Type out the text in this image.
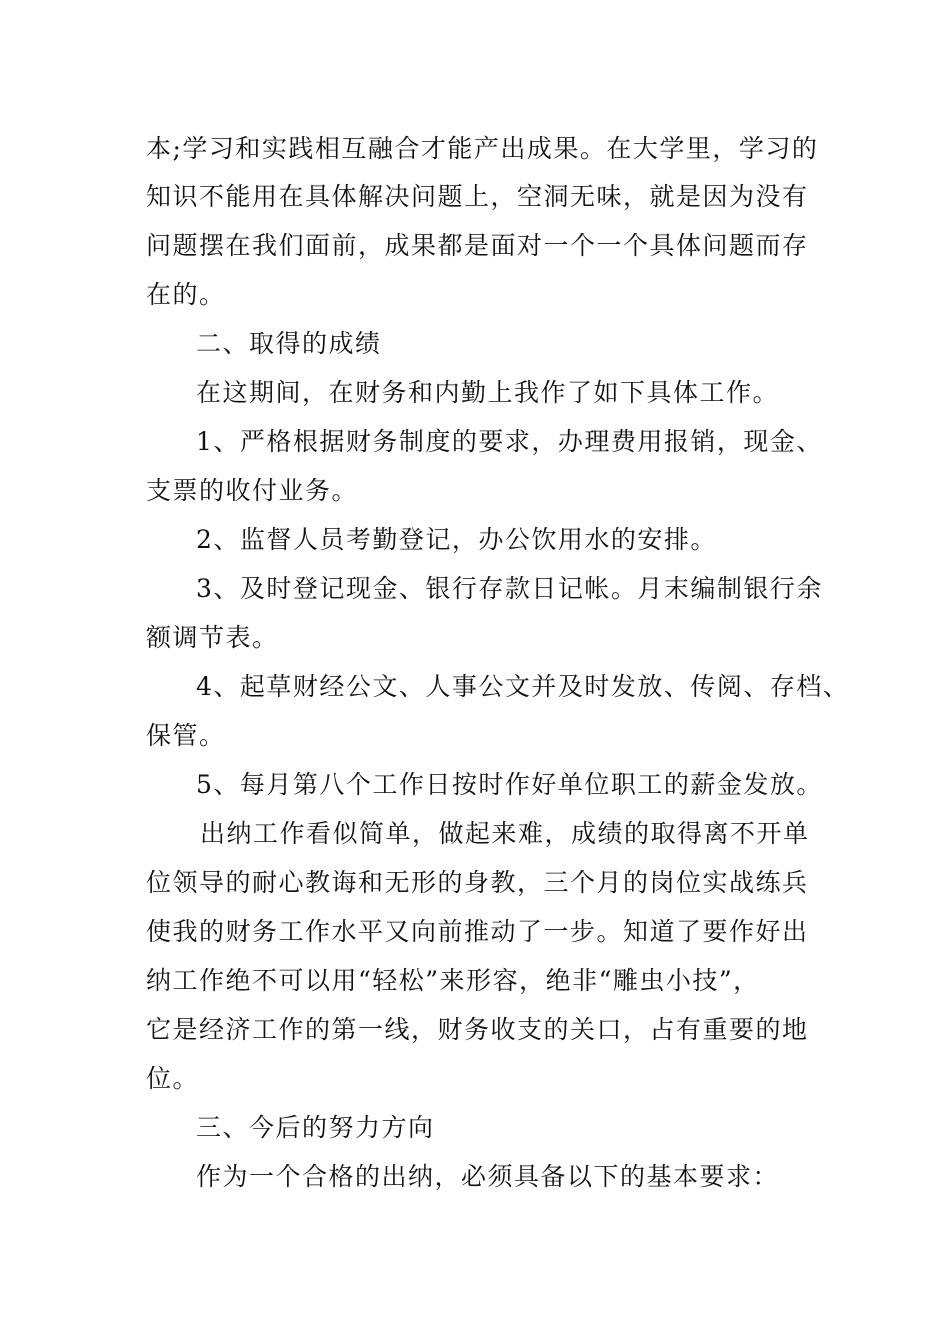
本;学习和实践相互融合才能产出成果。在大学里，学习的
知识不能用在具体解决问题上，空洞无味，就是因为没有
问题摆在我们面前，成果都是面对一个一个具体问题而存
在的。
二、取得的成绩
在这期间，在财务和内勤上我作了如下具体工作。
1、严格根据财务制度的要求，办理费用报销，现金、
支票的收付业务。
2、监督人员考勤登记，办公饮用水的安排。
3、及时登记现金、银行存款日记帐。月末编制银行余
额调节表。
4、起草财经公文、人事公文并及时发放、传阅、存档、
保管。
5、每月第八个工作日按时作好单位职工的薪金发放。
出纳工作看似简单，做起来难，成绩的取得离不开单
位领导的耐心教诲和无形的身教，三个月的岗位实战练兵
使我的财务工作水平又向前推动了一步。知道了要作好出
纳工作绝不可以用“轻松”来形容，绝非“雕虫小技”，
它是经济工作的第一线，财务收支的关口，占有重要的地
位。
三、今后的努力方向
作为一个合格的出纳，必须具备以下的基本要求：
